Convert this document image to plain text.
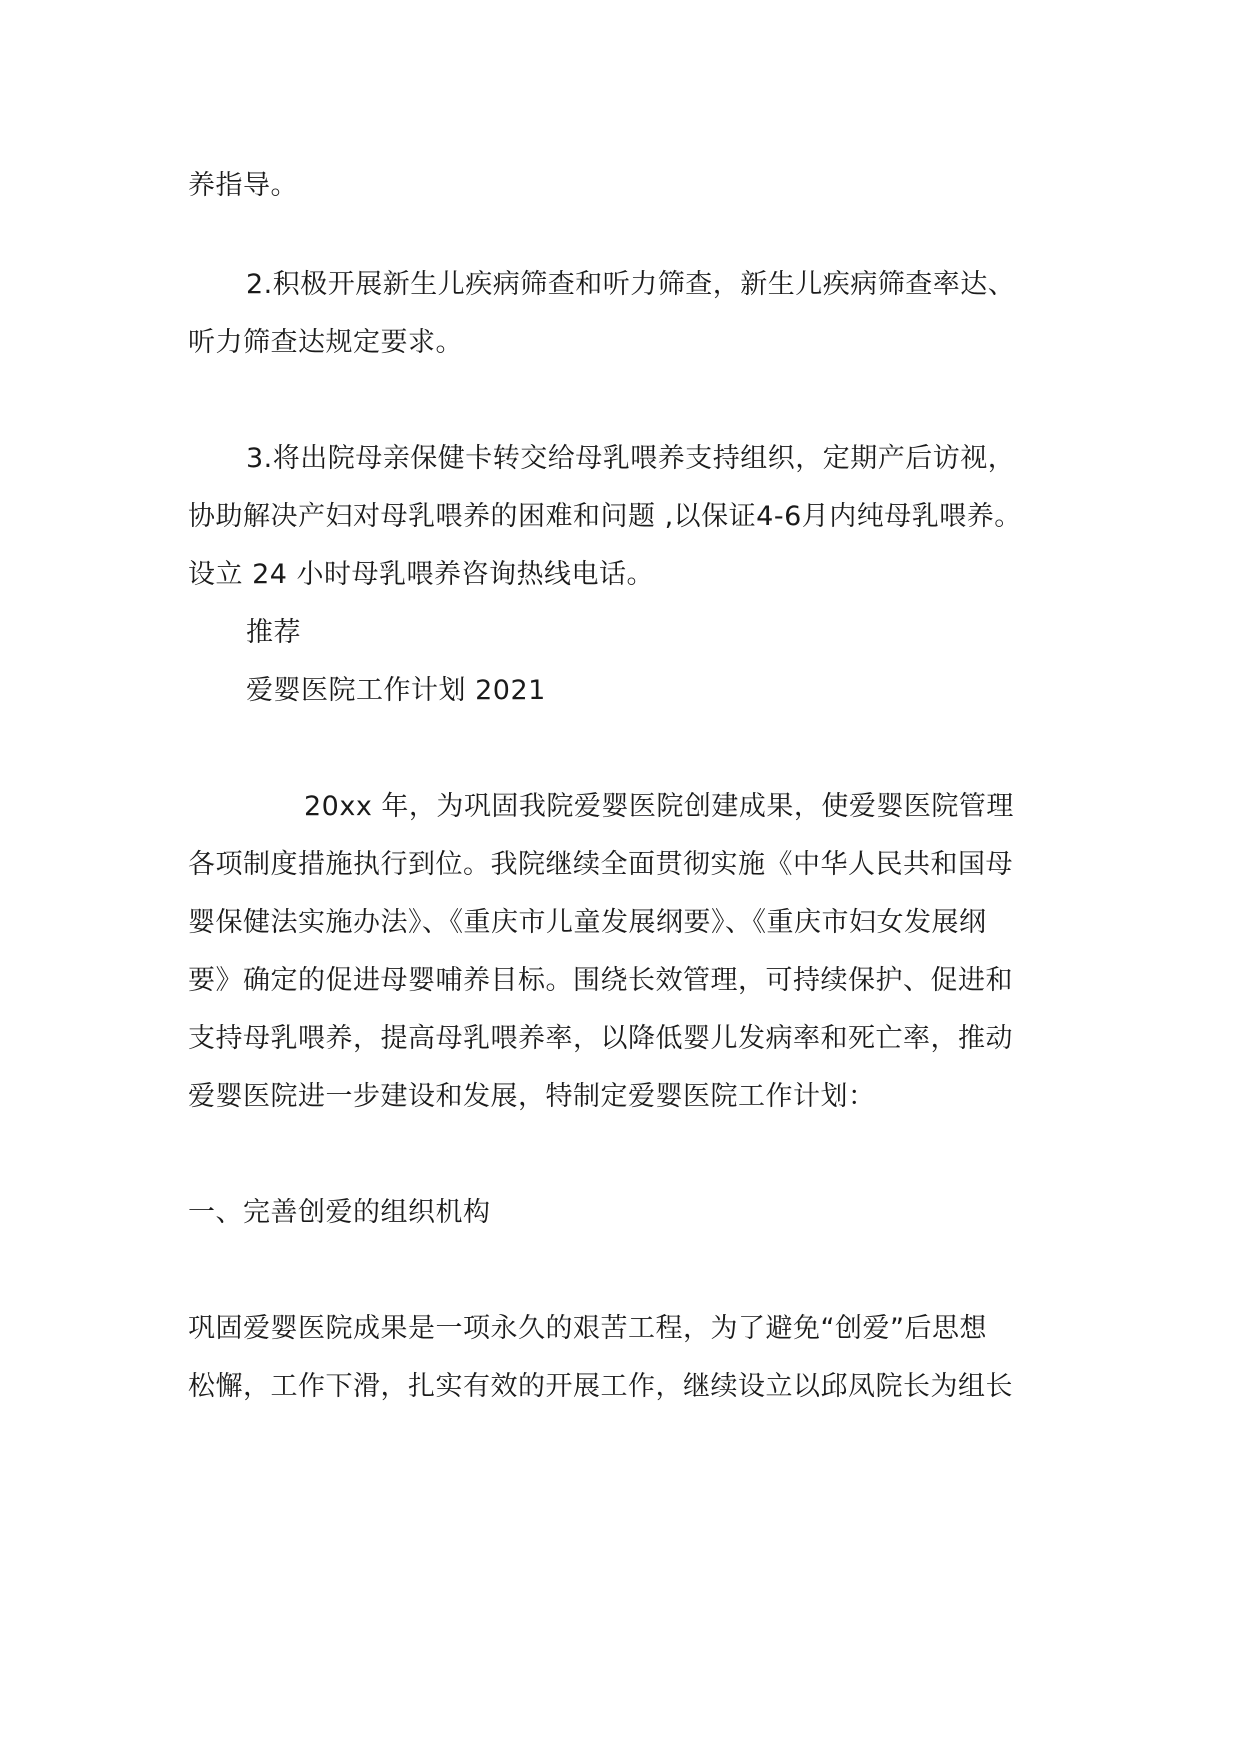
养指导。
2.积极开展新生儿疾病筛查和听力筛查，新生儿疾病筛查率达、
听力筛查达规定要求。
3.将出院母亲保健卡转交给母乳喂养支持组织，定期产后访视，
协助解决产妇对母乳喂养的困难和问题 ,以保证4-6月内纯母乳喂养。
设立 24 小时母乳喂养咨询热线电话。
推荐
爱婴医院工作计划 2021
20xx 年，为巩固我院爱婴医院创建成果，使爱婴医院管理
各项制度措施执行到位。我院继续全面贯彻实施《中华人民共和国母
婴保健法实施办法》、《重庆市儿童发展纲要》、《重庆市妇女发展纲
要》确定的促进母婴哺养目标。围绕长效管理，可持续保护、促进和
支持母乳喂养，提高母乳喂养率，以降低婴儿发病率和死亡率，推动
爱婴医院进一步建设和发展，特制定爱婴医院工作计划：
一、完善创爱的组织机构
巩固爱婴医院成果是一项永久的艰苦工程，为了避免“创爱”后思想
松懈，工作下滑，扎实有效的开展工作，继续设立以邱凤院长为组长
